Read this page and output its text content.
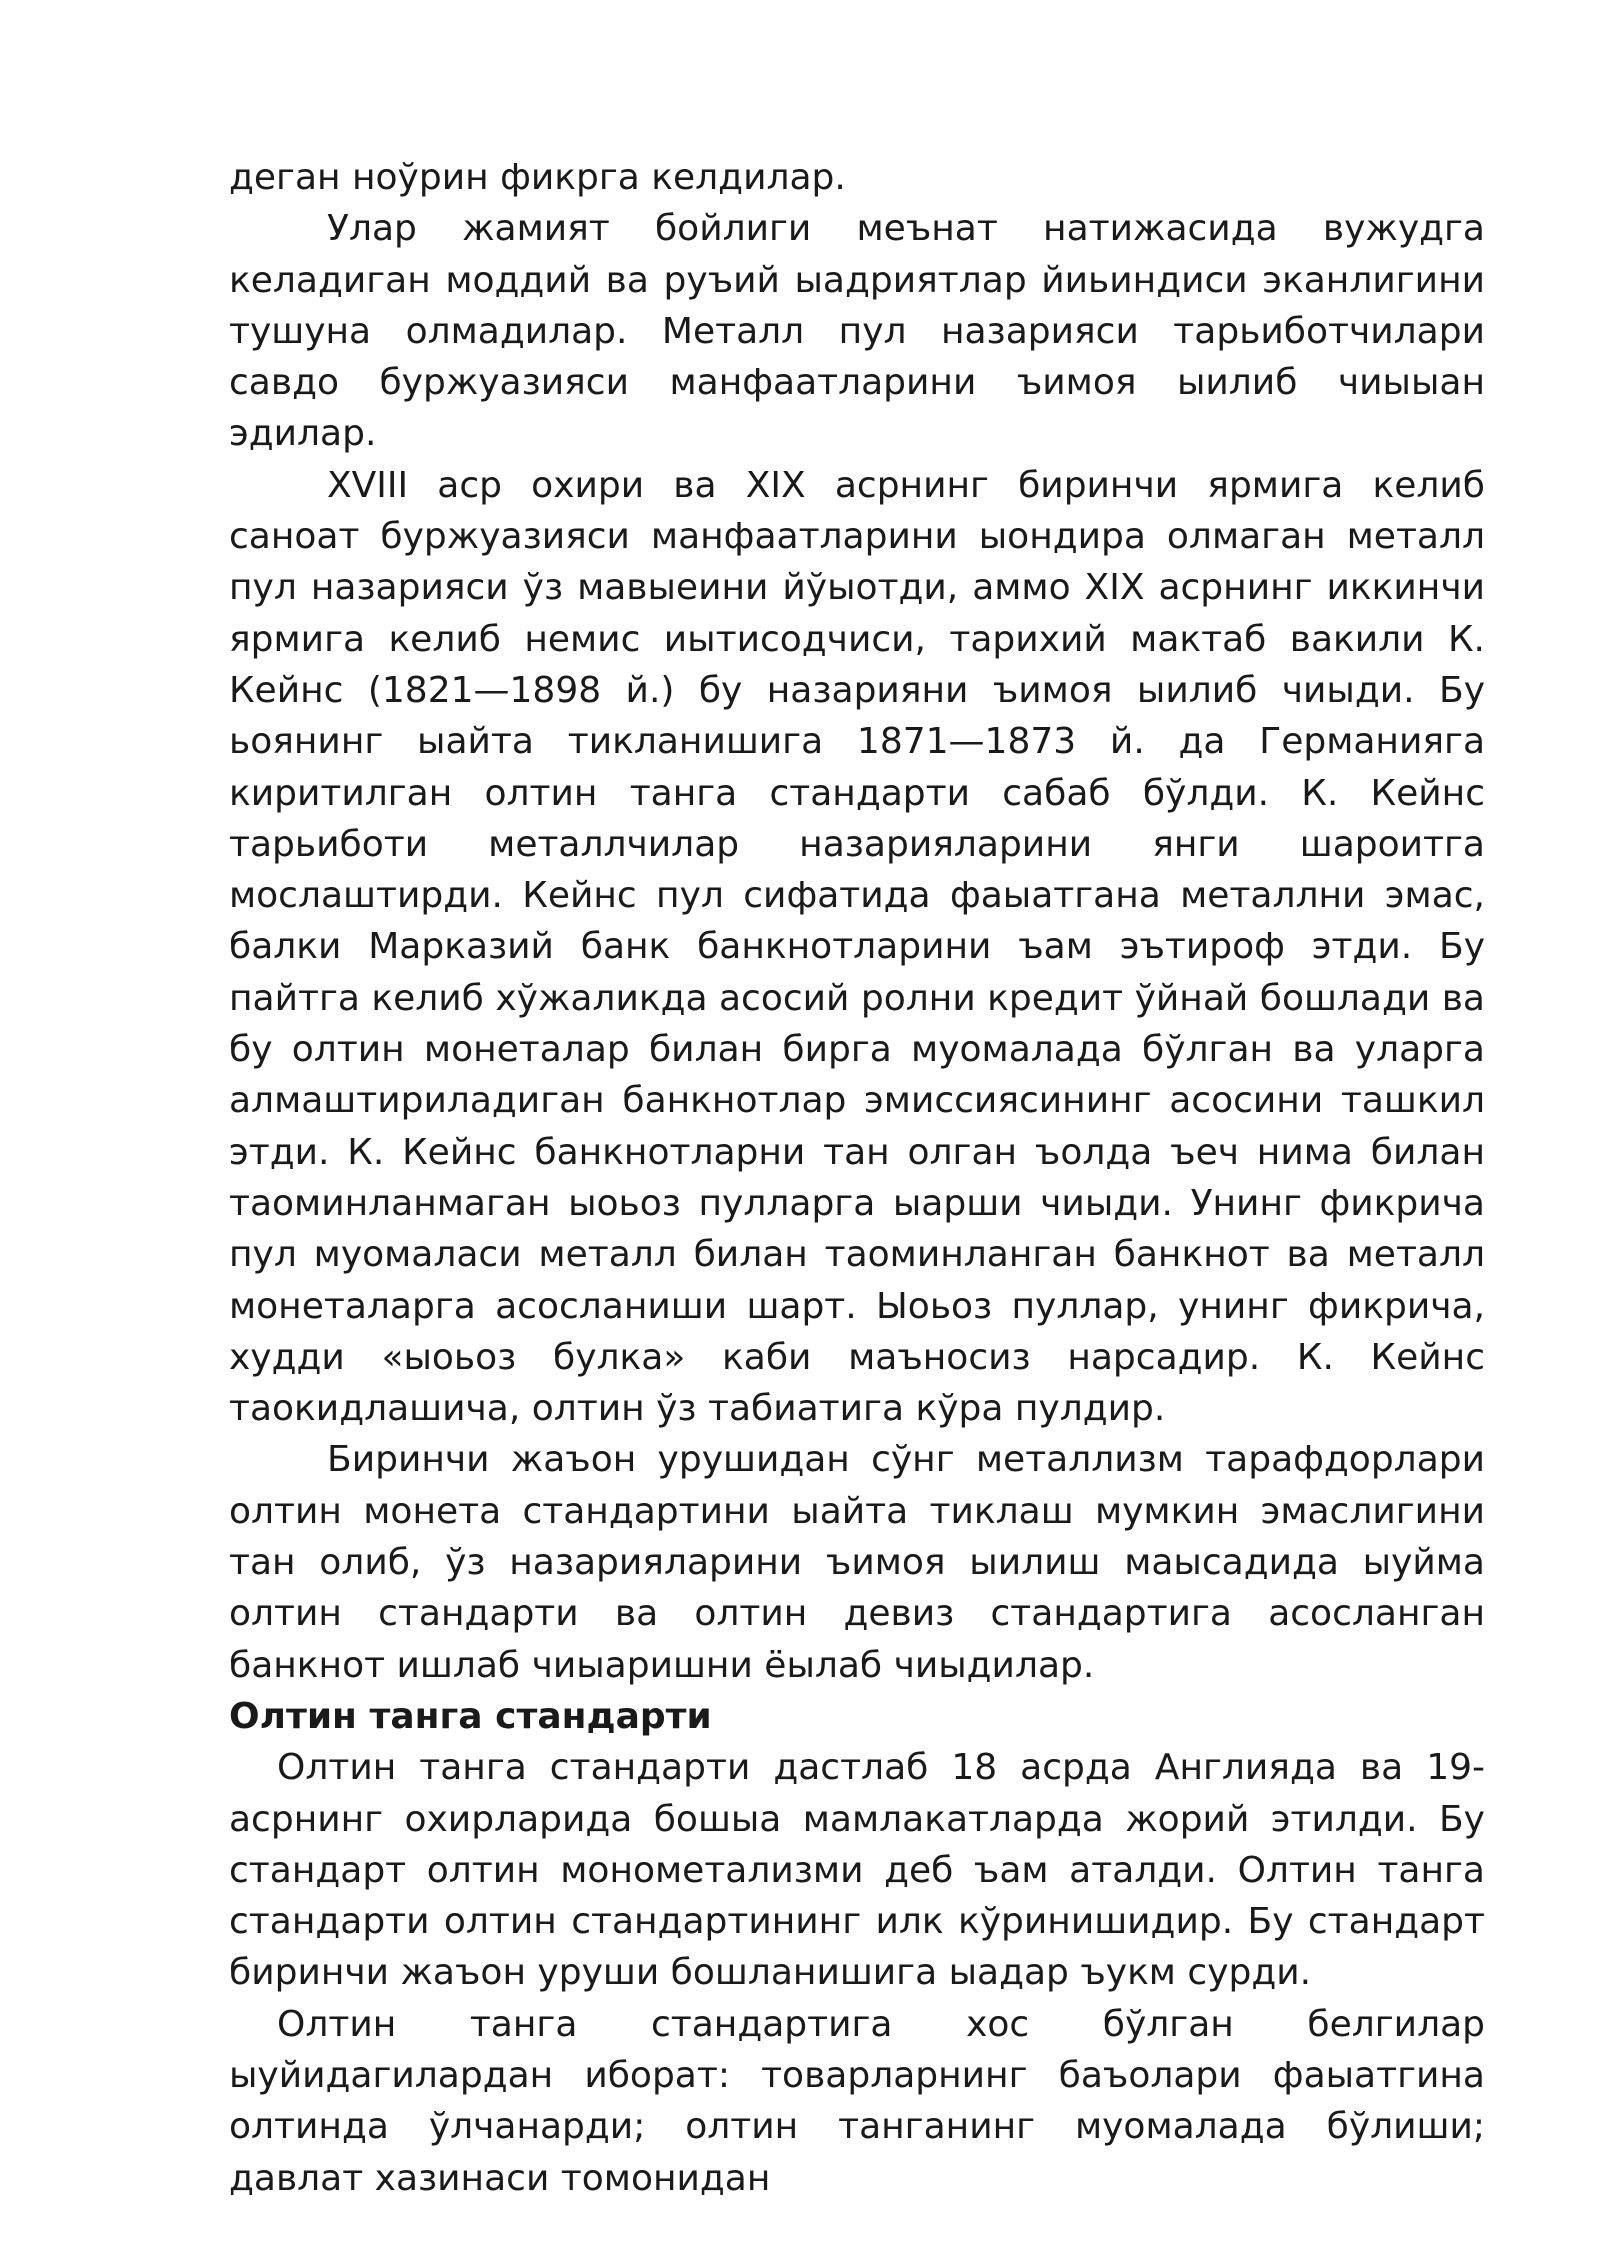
деган ноўрин фикрга келдилар.

Улар жамият бойлиги меънат натижасида вужудга келадиган моддий ва руъий ыадриятлар йиьиндиси эканлигини тушуна олмадилар. Металл пул назарияси тарьиботчилари савдо буржуазияси манфаатларини ъимоя ыилиб чиыыан эдилар.

XVIII аср охири ва XIX асрнинг биринчи ярмига келиб саноат буржуазияси манфаатларини ыондира олмаган металл пул назарияси ўз мавыеини йўыотди, аммо XIX асрнинг иккинчи ярмига келиб немис иытисодчиси, тарихий мактаб вакили К. Кейнс (1821—1898 й.) бу назарияни ъимоя ыилиб чиыди. Бу ьоянинг ыайта тикланишига 1871—1873 й. да Германияга киритилган олтин танга стандарти сабаб бўлди. К. Кейнс тарьиботи металлчилар назарияларини янги шароитга мослаштирди. Кейнс пул сифатида фаыатгана металлни эмас, балки Марказий банк банкнотларини ъам эътироф этди. Бу пайтга келиб хўжаликда асосий ролни кредит ўйнай бошлади ва бу олтин монеталар билан бирга муомалада бўлган ва уларга алмаштириладиган банкнотлар эмиссиясининг асосини ташкил этди. К. Кейнс банкнотларни тан олган ъолда ъеч нима билан таоминланмаган ыоьоз пулларга ыарши чиыди. Унинг фикрича пул муомаласи металл билан таоминланган банкнот ва металл монеталарга асосланиши шарт. Ыоьоз пуллар, унинг фикрича, худди «ыоьоз булка» каби маъносиз нарсадир. К. Кейнс таокидлашича, олтин ўз табиатига кўра пулдир.

Биринчи жаъон урушидан сўнг металлизм тарафдорлари олтин монета стандартини ыайта тиклаш мумкин эмаслигини тан олиб, ўз назарияларини ъимоя ыилиш маысадида ыуйма олтин стандарти ва олтин девиз стандартига асосланган банкнот ишлаб чиыаришни ёылаб чиыдилар.

Олтин танга стандарти

Олтин танга стандарти дастлаб 18 асрда Англияда ва 19-асрнинг охирларида бошыа мамлакатларда жорий этилди. Бу стандарт олтин монометализми деб ъам аталди. Олтин танга стандарти олтин стандартининг илк кўринишидир. Бу стандарт биринчи жаъон уруши бошланишига ыадар ъукм сурди.

Олтин танга стандартига хос бўлган белгилар ыуйидагилардан иборат: товарларнинг баъолари фаыатгина олтинда ўлчанарди; олтин танганинг муомалада бўлиши; давлат хазинаси томонидан
